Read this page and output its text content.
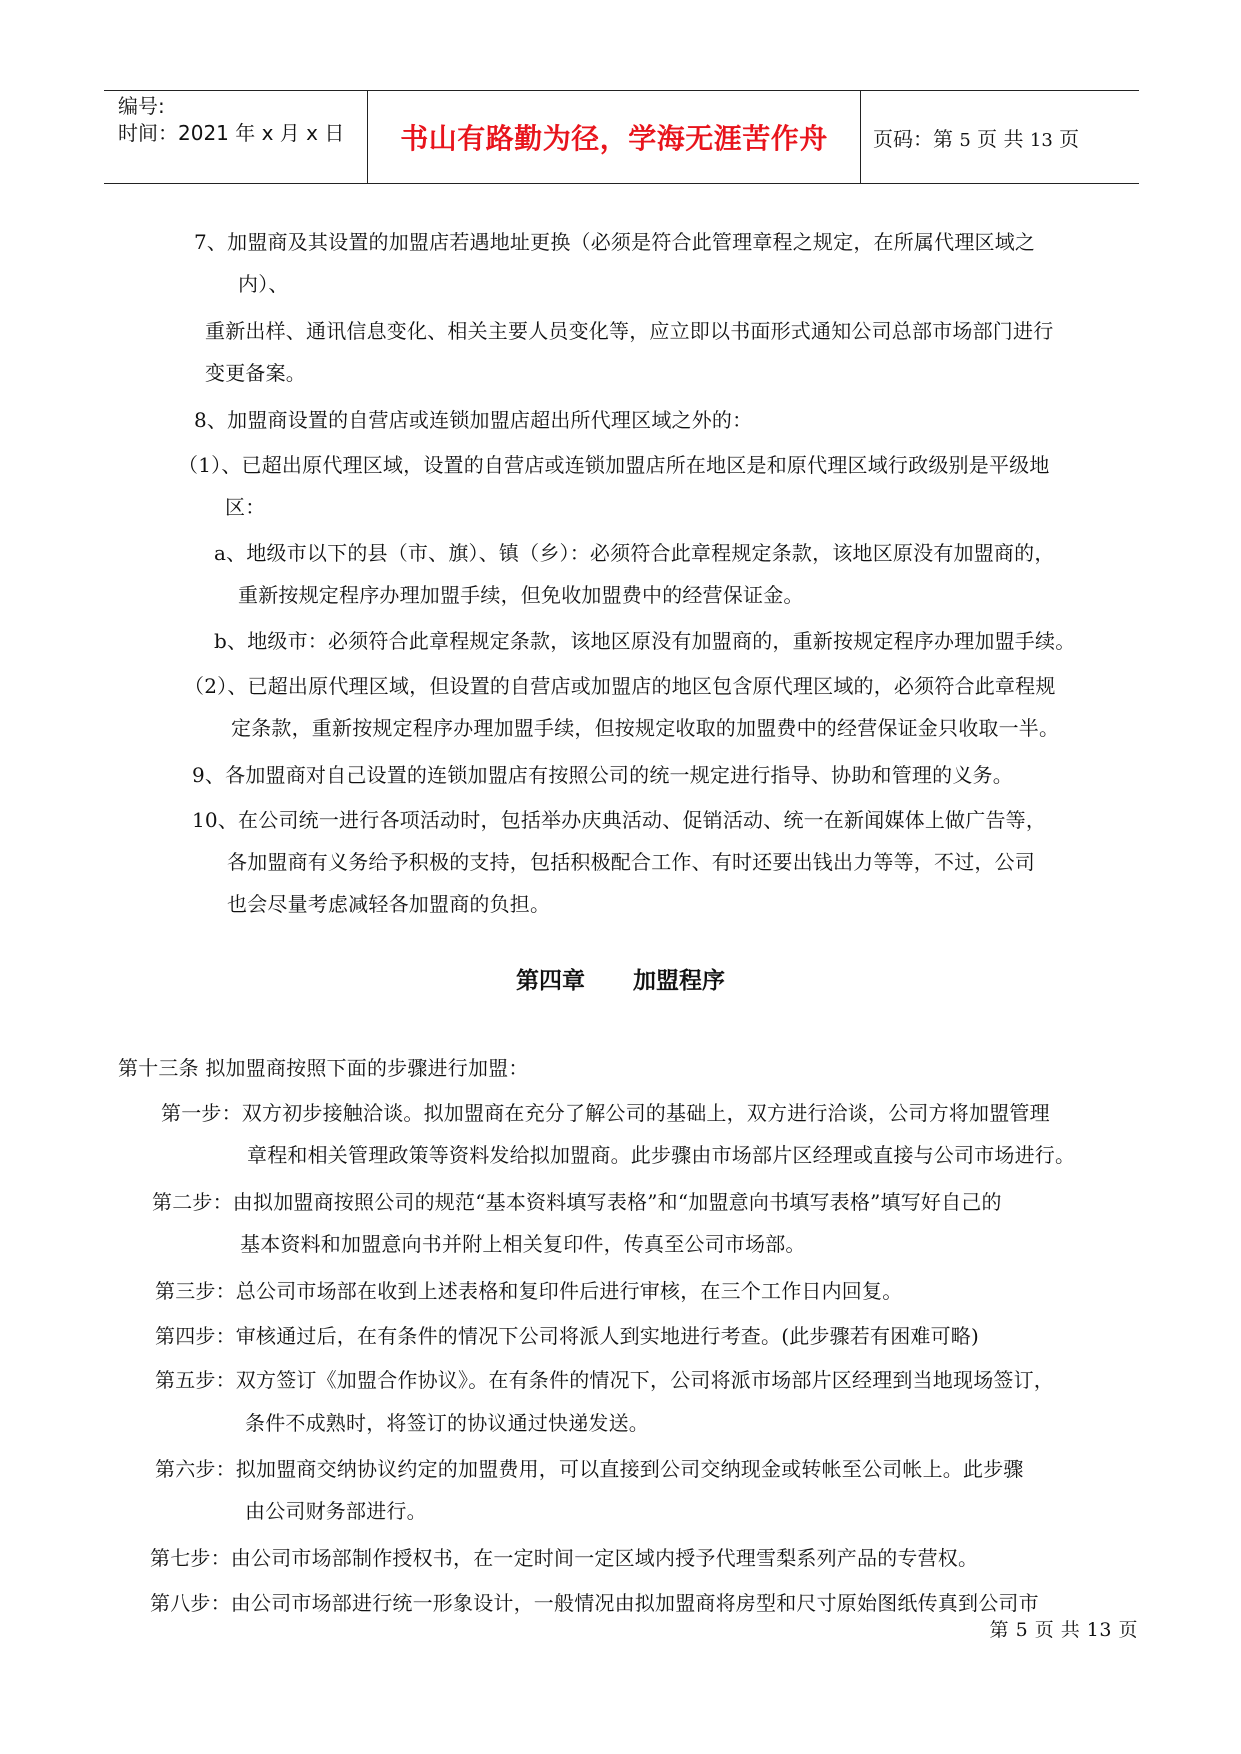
编号:
时间：2021 年 x 月 x 日	书山有路勤为径，学海无涯苦作舟 页码：第 5 页 共 13 页
7、加盟商及其设置的加盟店若遇地址更换（必须是符合此管理章程之规定，在所属代理区域之
内）、
重新出样、通讯信息变化、相关主要人员变化等，应立即以书面形式通知公司总部市场部门进行
变更备案。
8、加盟商设置的自营店或连锁加盟店超出所代理区域之外的：
（1）、已超出原代理区域，设置的自营店或连锁加盟店所在地区是和原代理区域行政级别是平级地
区：
a、地级市以下的县（市、旗）、镇（乡）：必须符合此章程规定条款，该地区原没有加盟商的，
重新按规定程序办理加盟手续，但免收加盟费中的经营保证金。
b、地级市：必须符合此章程规定条款，该地区原没有加盟商的，重新按规定程序办理加盟手续。
（2）、已超出原代理区域，但设置的自营店或加盟店的地区包含原代理区域的，必须符合此章程规
定条款，重新按规定程序办理加盟手续，但按规定收取的加盟费中的经营保证金只收取一半。
9、各加盟商对自己设置的连锁加盟店有按照公司的统一规定进行指导、协助和管理的义务。
10、在公司统一进行各项活动时，包括举办庆典活动、促销活动、统一在新闻媒体上做广告等，
各加盟商有义务给予积极的支持，包括积极配合工作、有时还要出钱出力等等，不过，公司
也会尽量考虑减轻各加盟商的负担。
第四章      加盟程序
第十三条 拟加盟商按照下面的步骤进行加盟：
第一步：双方初步接触洽谈。拟加盟商在充分了解公司的基础上，双方进行洽谈，公司方将加盟管理
章程和相关管理政策等资料发给拟加盟商。此步骤由市场部片区经理或直接与公司市场进行。
第二步：由拟加盟商按照公司的规范“基本资料填写表格”和“加盟意向书填写表格”填写好自己的
基本资料和加盟意向书并附上相关复印件，传真至公司市场部。
第三步：总公司市场部在收到上述表格和复印件后进行审核，在三个工作日内回复。
第四步：审核通过后，在有条件的情况下公司将派人到实地进行考查。(此步骤若有困难可略)
第五步：双方签订《加盟合作协议》。在有条件的情况下，公司将派市场部片区经理到当地现场签订，
条件不成熟时，将签订的协议通过快递发送。
第六步：拟加盟商交纳协议约定的加盟费用，可以直接到公司交纳现金或转帐至公司帐上。此步骤
由公司财务部进行。
第七步：由公司市场部制作授权书，在一定时间一定区域内授予代理雪梨系列产品的专营权。
第八步：由公司市场部进行统一形象设计，一般情况由拟加盟商将房型和尺寸原始图纸传真到公司市
第 5 页 共 13 页
